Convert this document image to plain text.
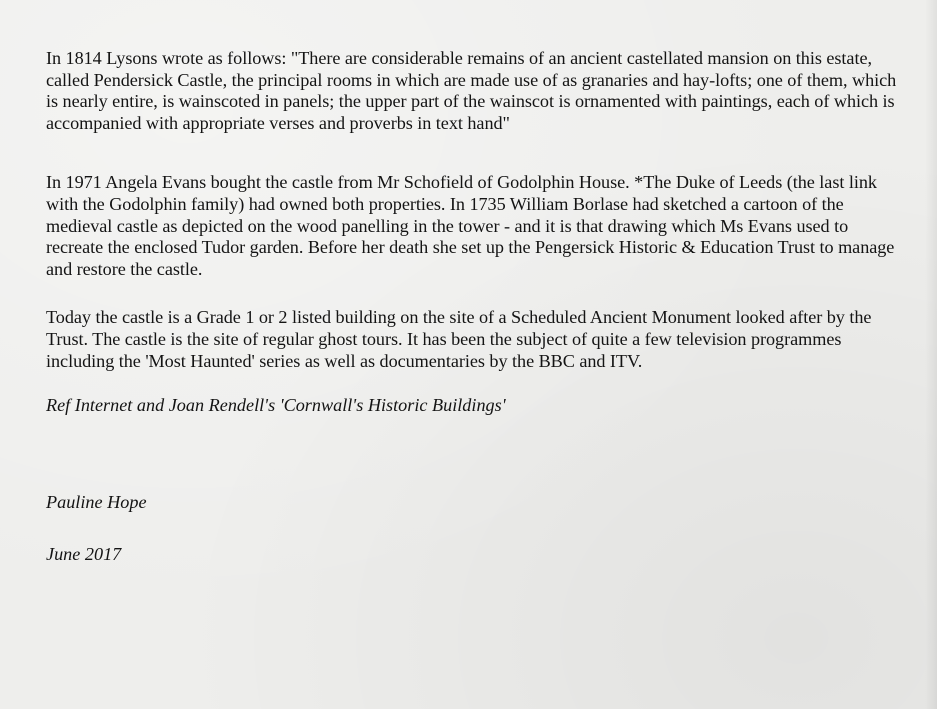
In 1814 Lysons wrote as follows: "There are considerable remains of an ancient castellated mansion on this estate, called Pendersick Castle, the principal rooms in which are made use of as granaries and hay-lofts; one of them, which is nearly entire, is wainscoted in panels; the upper part of the wainscot is ornamented with paintings, each of which is accompanied with appropriate verses and proverbs in text hand"

In 1971 Angela Evans bought the castle from Mr Schofield of Godolphin House. *The Duke of Leeds (the last link with the Godolphin family) had owned both properties. In 1735 William Borlase had sketched a cartoon of the medieval castle as depicted on the wood panelling in the tower - and it is that drawing which Ms Evans used to recreate the enclosed Tudor garden. Before her death she set up the Pengersick Historic & Education Trust to manage and restore the castle.

Today the castle is a Grade 1 or 2 listed building on the site of a Scheduled Ancient Monument looked after by the Trust. The castle is the site of regular ghost tours. It has been the subject of quite a few television programmes including the 'Most Haunted' series as well as documentaries by the BBC and ITV.

Ref Internet and Joan Rendell's 'Cornwall's Historic Buildings'

Pauline Hope

June 2017
